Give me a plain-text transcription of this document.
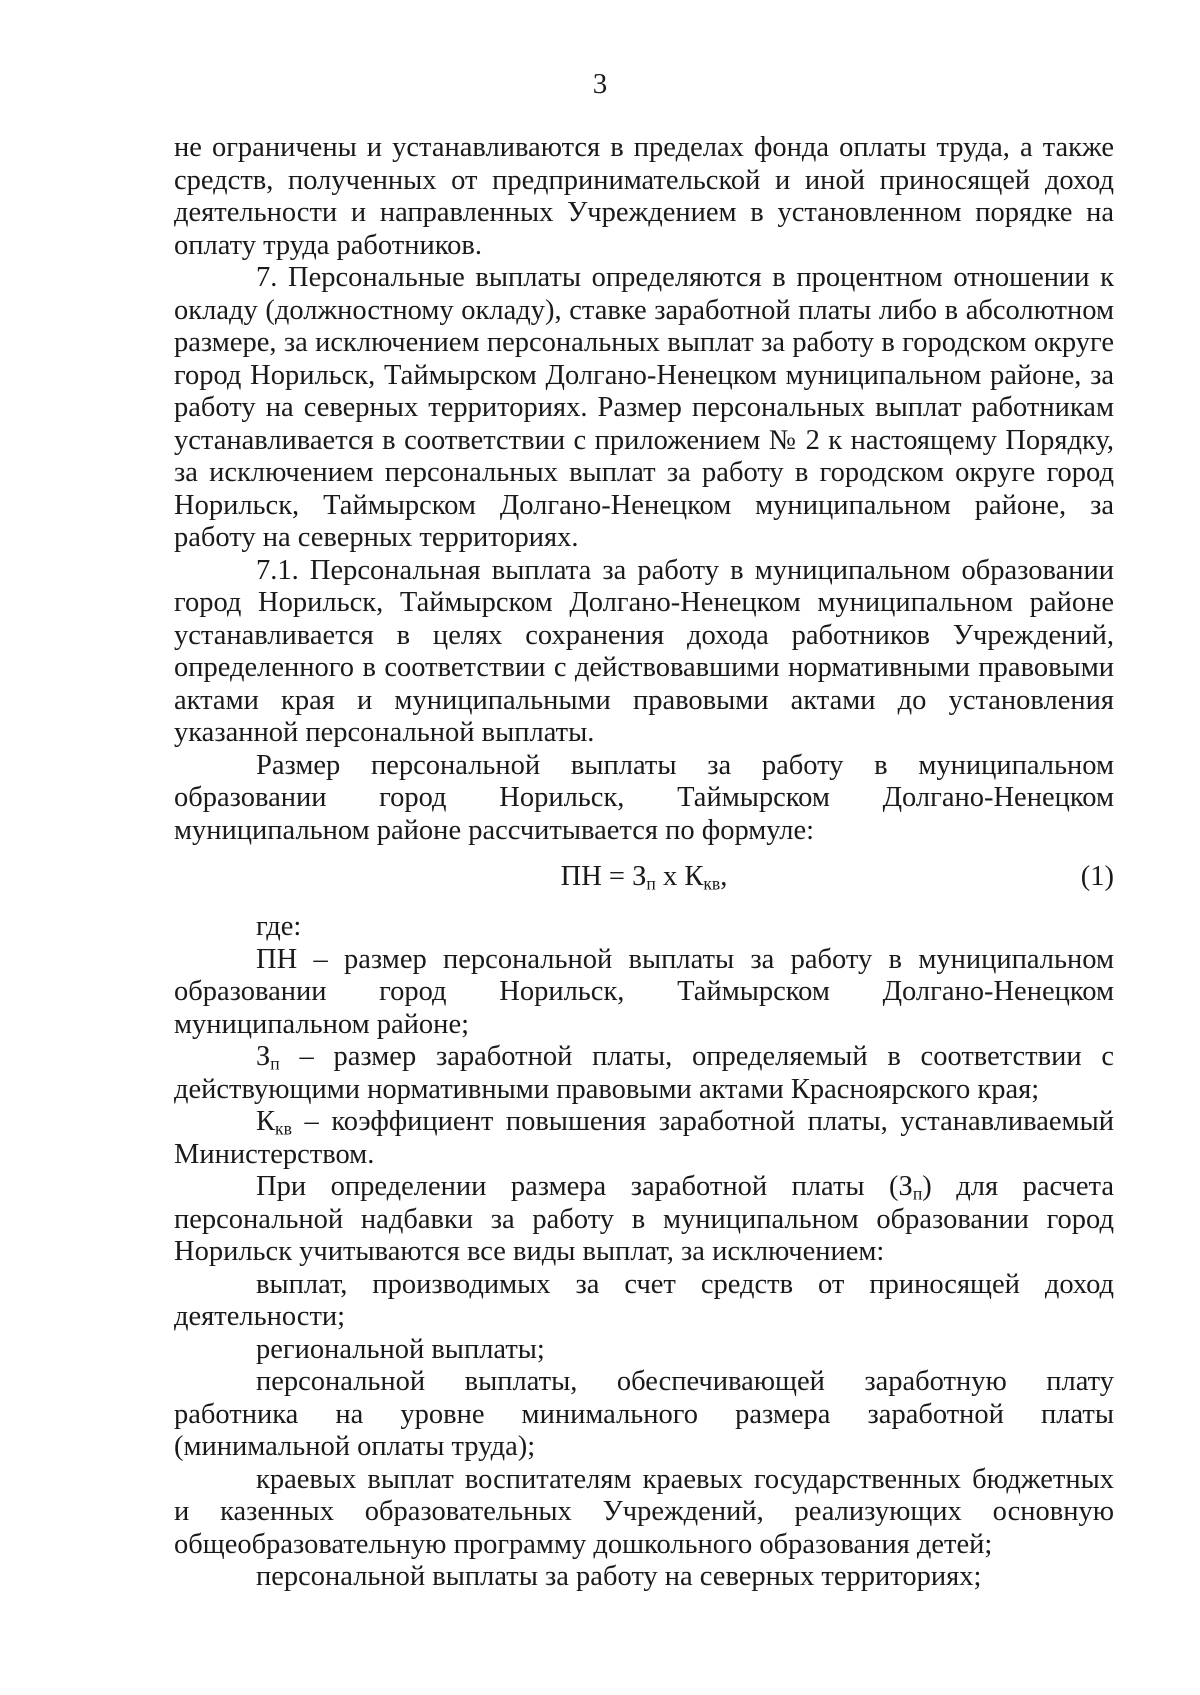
3

не ограничены и устанавливаются в пределах фонда оплаты труда, а также средств, полученных от предпринимательской и иной приносящей доход деятельности и направленных Учреждением в установленном порядке на оплату труда работников.

7. Персональные выплаты определяются в процентном отношении к окладу (должностному окладу), ставке заработной платы либо в абсолютном размере, за исключением персональных выплат за работу в городском округе город Норильск, Таймырском Долгано-Ненецком муниципальном районе, за работу на северных территориях. Размер персональных выплат работникам устанавливается в соответствии с приложением № 2 к настоящему Порядку, за исключением персональных выплат за работу в городском округе город Норильск, Таймырском Долгано-Ненецком муниципальном районе, за работу на северных территориях.

7.1. Персональная выплата за работу в муниципальном образовании город Норильск, Таймырском Долгано-Ненецком муниципальном районе устанавливается в целях сохранения дохода работников Учреждений, определенного в соответствии с действовавшими нормативными правовыми актами края и муниципальными правовыми актами до установления указанной персональной выплаты.

Размер персональной выплаты за работу в муниципальном образовании город Норильск, Таймырском Долгано-Ненецком муниципальном районе рассчитывается по формуле:

ПН = $З_п$ х $К_{кв}$,	(1)

где:

ПН – размер персональной выплаты за работу в муниципальном образовании город Норильск, Таймырском Долгано-Ненецком муниципальном районе;

$З_п$ – размер заработной платы, определяемый в соответствии с действующими нормативными правовыми актами Красноярского края;

$К_{кв}$ – коэффициент повышения заработной платы, устанавливаемый Министерством.

При определении размера заработной платы $(З_п)$ для расчета персональной надбавки за работу в муниципальном образовании город Норильск учитываются все виды выплат, за исключением:

выплат, производимых за счет средств от приносящей доход деятельности;

региональной выплаты;

персональной выплаты, обеспечивающей заработную плату работника на уровне минимального размера заработной платы (минимальной оплаты труда);

краевых выплат воспитателям краевых государственных бюджетных и казенных образовательных Учреждений, реализующих основную общеобразовательную программу дошкольного образования детей;

персональной выплаты за работу на северных территориях;
